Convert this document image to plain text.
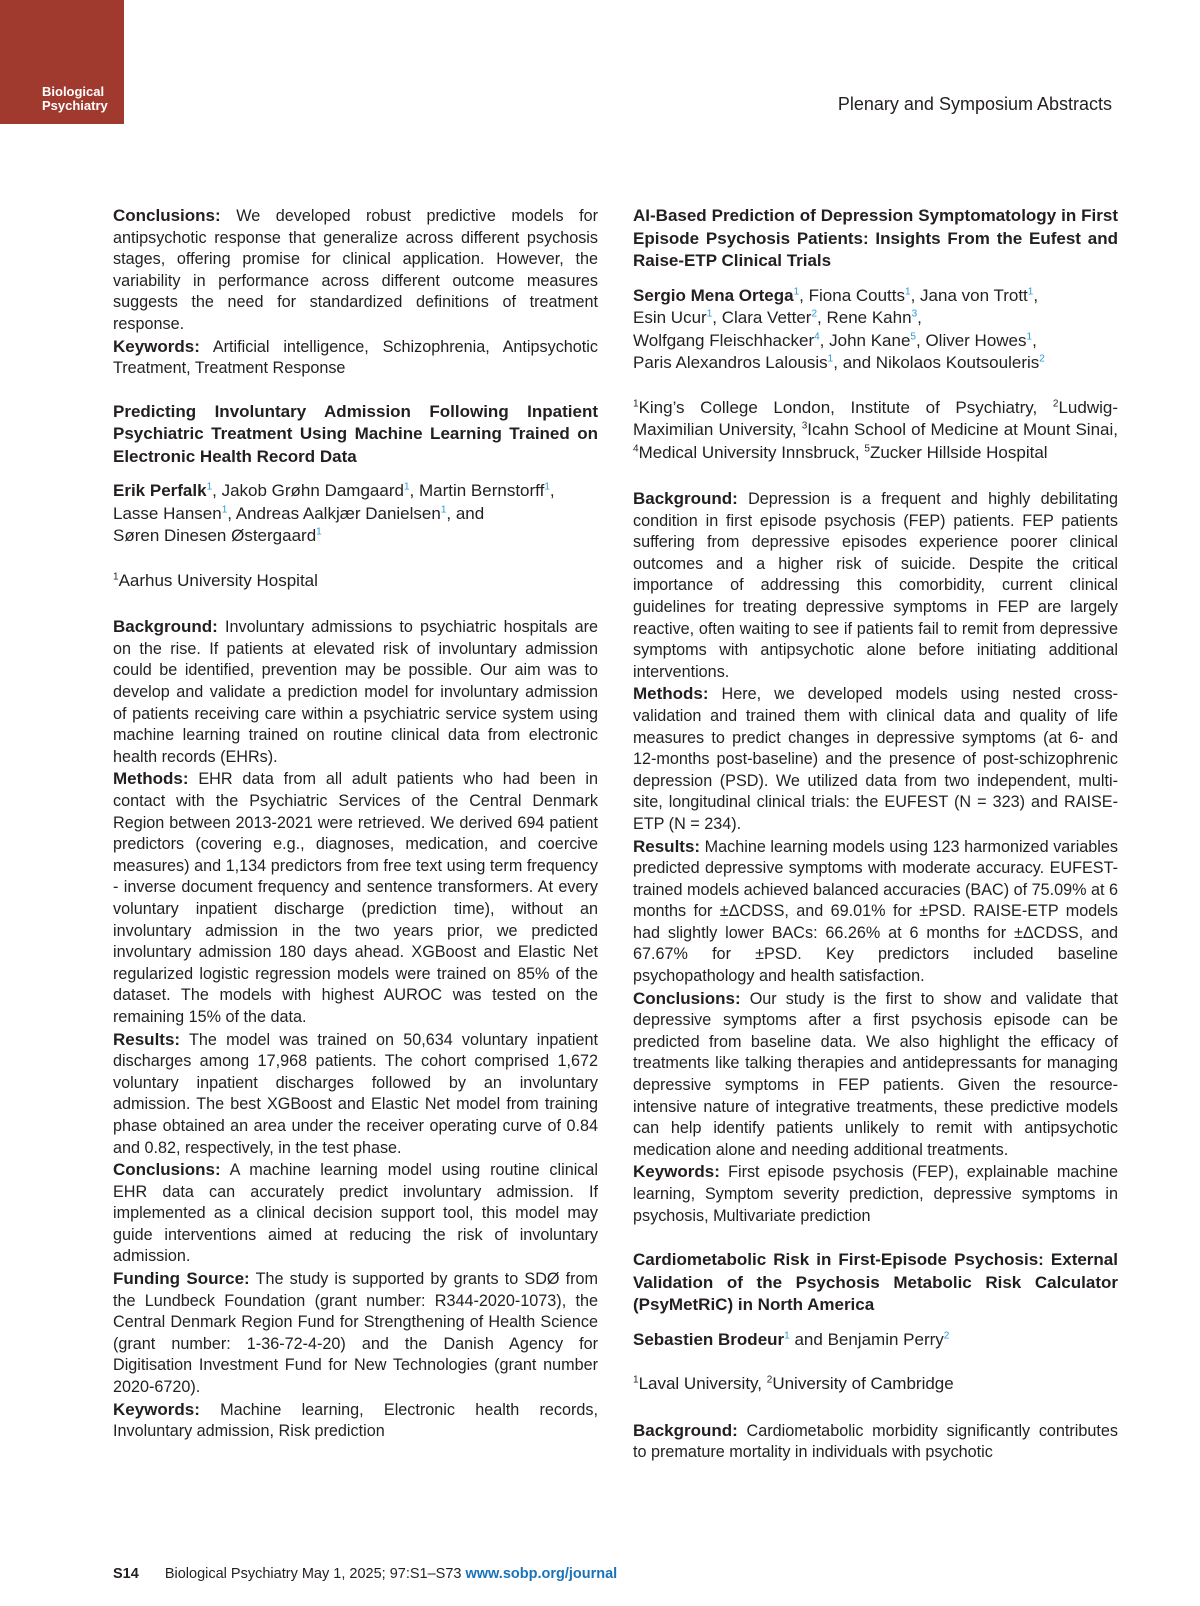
Biological
Psychiatry	Plenary and Symposium Abstracts

Conclusions: We developed robust predictive models for antipsychotic response that generalize across different psychosis stages, offering promise for clinical application. However, the variability in performance across different outcome measures suggests the need for standardized definitions of treatment response.

Keywords: Artificial intelligence, Schizophrenia, Antipsychotic Treatment, Treatment Response

Predicting Involuntary Admission Following Inpatient Psychiatric Treatment Using Machine Learning Trained on Electronic Health Record Data

Erik Perfalk$^1$, Jakob Grøhn Damgaard$^1$, Martin Bernstorff$^1$,
Lasse Hansen$^1$, Andreas Aalkjær Danielsen$^1$, and
Søren Dinesen Østergaard$^1$

$^1$Aarhus University Hospital

Background: Involuntary admissions to psychiatric hospitals are on the rise. If patients at elevated risk of involuntary admission could be identified, prevention may be possible. Our aim was to develop and validate a prediction model for involuntary admission of patients receiving care within a psychiatric service system using machine learning trained on routine clinical data from electronic health records (EHRs).

Methods: EHR data from all adult patients who had been in contact with the Psychiatric Services of the Central Denmark Region between 2013-2021 were retrieved. We derived 694 patient predictors (covering e.g., diagnoses, medication, and coercive measures) and 1,134 predictors from free text using term frequency - inverse document frequency and sentence transformers. At every voluntary inpatient discharge (prediction time), without an involuntary admission in the two years prior, we predicted involuntary admission 180 days ahead. XGBoost and Elastic Net regularized logistic regression models were trained on 85% of the dataset. The models with highest AUROC was tested on the remaining 15% of the data.

Results: The model was trained on 50,634 voluntary inpatient discharges among 17,968 patients. The cohort comprised 1,672 voluntary inpatient discharges followed by an involuntary admission. The best XGBoost and Elastic Net model from training phase obtained an area under the receiver operating curve of 0.84 and 0.82, respectively, in the test phase.

Conclusions: A machine learning model using routine clinical EHR data can accurately predict involuntary admission. If implemented as a clinical decision support tool, this model may guide interventions aimed at reducing the risk of involuntary admission.

Funding Source: The study is supported by grants to SDØ from the Lundbeck Foundation (grant number: R344-2020-1073), the Central Denmark Region Fund for Strengthening of Health Science (grant number: 1-36-72-4-20) and the Danish Agency for Digitisation Investment Fund for New Technologies (grant number 2020-6720).

Keywords: Machine learning, Electronic health records, Involuntary admission, Risk prediction

AI-Based Prediction of Depression Symptomatology in First Episode Psychosis Patients: Insights From the Eufest and Raise-ETP Clinical Trials

Sergio Mena Ortega$^1$, Fiona Coutts$^1$, Jana von Trott$^1$,
Esin Ucur$^1$, Clara Vetter$^2$, Rene Kahn$^3$,
Wolfgang Fleischhacker$^4$, John Kane$^5$, Oliver Howes$^1$,
Paris Alexandros Lalousis$^1$, and Nikolaos Koutsouleris$^2$

$^1$King’s College London, Institute of Psychiatry, $^2$Ludwig-Maximilian University, $^3$Icahn School of Medicine at Mount Sinai, $^4$Medical University Innsbruck, $^5$Zucker Hillside Hospital

Background: Depression is a frequent and highly debilitating condition in first episode psychosis (FEP) patients. FEP patients suffering from depressive episodes experience poorer clinical outcomes and a higher risk of suicide. Despite the critical importance of addressing this comorbidity, current clinical guidelines for treating depressive symptoms in FEP are largely reactive, often waiting to see if patients fail to remit from depressive symptoms with antipsychotic alone before initiating additional interventions.

Methods: Here, we developed models using nested cross-validation and trained them with clinical data and quality of life measures to predict changes in depressive symptoms (at 6- and 12-months post-baseline) and the presence of post-schizophrenic depression (PSD). We utilized data from two independent, multi-site, longitudinal clinical trials: the EUFEST (N = 323) and RAISE-ETP (N = 234).

Results: Machine learning models using 123 harmonized variables predicted depressive symptoms with moderate accuracy. EUFEST-trained models achieved balanced accuracies (BAC) of 75.09% at 6 months for ±ΔCDSS, and 69.01% for ±PSD. RAISE-ETP models had slightly lower BACs: 66.26% at 6 months for ±ΔCDSS, and 67.67% for ±PSD. Key predictors included baseline psychopathology and health satisfaction.

Conclusions: Our study is the first to show and validate that depressive symptoms after a first psychosis episode can be predicted from baseline data. We also highlight the efficacy of treatments like talking therapies and antidepressants for managing depressive symptoms in FEP patients. Given the resource-intensive nature of integrative treatments, these predictive models can help identify patients unlikely to remit with antipsychotic medication alone and needing additional treatments.

Keywords: First episode psychosis (FEP), explainable machine learning, Symptom severity prediction, depressive symptoms in psychosis, Multivariate prediction

Cardiometabolic Risk in First-Episode Psychosis: External Validation of the Psychosis Metabolic Risk Calculator (PsyMetRiC) in North America

Sebastien Brodeur$^1$ and Benjamin Perry$^2$

$^1$Laval University, $^2$University of Cambridge

Background: Cardiometabolic morbidity significantly contributes to premature mortality in individuals with psychotic

S14 Biological Psychiatry May 1, 2025; 97:S1–S73 www.sobp.org/journal
